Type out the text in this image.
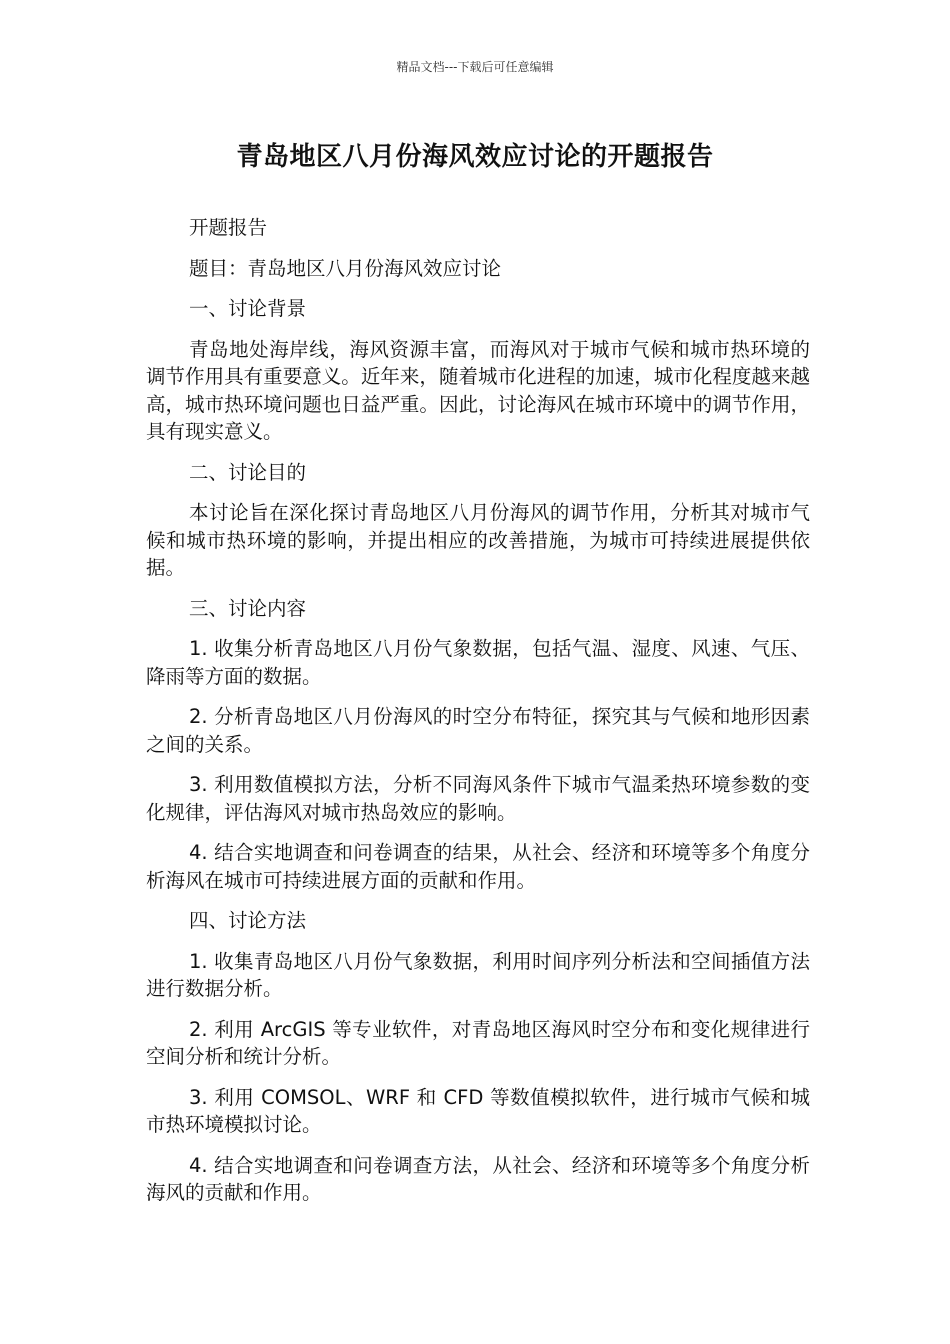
精品文档---下载后可任意编辑
青岛地区八月份海风效应讨论的开题报告

开题报告

题目：青岛地区八月份海风效应讨论

一、讨论背景

青岛地处海岸线，海风资源丰富，而海风对于城市气候和城市热环境的调节作用具有重要意义。近年来，随着城市化进程的加速，城市化程度越来越高，城市热环境问题也日益严重。因此，讨论海风在城市环境中的调节作用，具有现实意义。

二、讨论目的

本讨论旨在深化探讨青岛地区八月份海风的调节作用，分析其对城市气候和城市热环境的影响，并提出相应的改善措施，为城市可持续进展提供依据。

三、讨论内容

1. 收集分析青岛地区八月份气象数据，包括气温、湿度、风速、气压、降雨等方面的数据。

2. 分析青岛地区八月份海风的时空分布特征，探究其与气候和地形因素之间的关系。

3. 利用数值模拟方法，分析不同海风条件下城市气温柔热环境参数的变化规律，评估海风对城市热岛效应的影响。

4. 结合实地调查和问卷调查的结果，从社会、经济和环境等多个角度分析海风在城市可持续进展方面的贡献和作用。

四、讨论方法

1. 收集青岛地区八月份气象数据，利用时间序列分析法和空间插值方法进行数据分析。

2. 利用 ArcGIS 等专业软件，对青岛地区海风时空分布和变化规律进行空间分析和统计分析。

3. 利用 COMSOL、WRF 和 CFD 等数值模拟软件，进行城市气候和城市热环境模拟讨论。

4. 结合实地调查和问卷调查方法，从社会、经济和环境等多个角度分析海风的贡献和作用。
